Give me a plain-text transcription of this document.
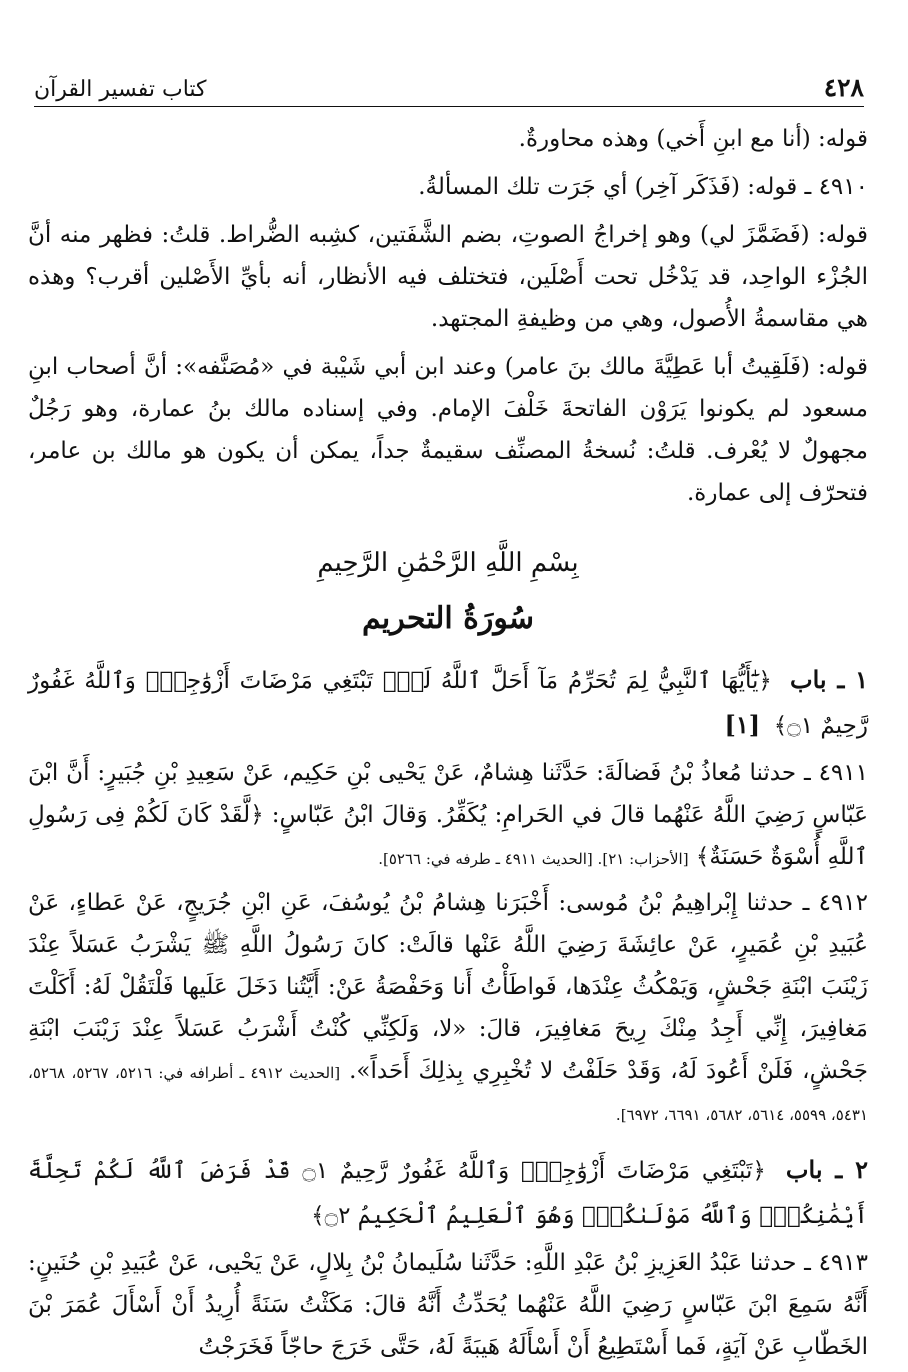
٤٢٨
كتاب تفسير القرآن

قوله: (أنا مع ابنِ أَخي) وهذه محاورةٌ.

٤٩١٠ ـ قوله: (فَذَكَر آخِر) أي جَرَت تلك المسألةُ.

قوله: (فَضَمَّزَ لي) وهو إخراجُ الصوتِ، بضم الشَّفَتين، كشِبه الضُّراط. قلتُ: فظهر منه أنَّ الجُزْء الواحِد، قد يَدْخُل تحت أَصْلَين، فتختلف فيه الأنظار، أنه بأيِّ الأَصْلين أقرب؟ وهذه هي مقاسمةُ الأُصول، وهي من وظيفةِ المجتهد.

قوله: (فَلَقِيتُ أبا عَطِيَّةَ مالك بنَ عامر) وعند ابن أبي شَيْبة في «مُصَنَّفه»: أنَّ أصحاب ابنِ مسعود لم يكونوا يَرَوْن الفاتحةَ خَلْفَ الإمام. وفي إسناده مالك بنُ عمارة، وهو رَجُلٌ مجهولٌ لا يُعْرف. قلتُ: نُسخةُ المصنِّف سقيمةٌ جداً، يمكن أن يكون هو مالك بن عامر، فتحرّف إلى عمارة.

بِسْمِ اللَّهِ الرَّحْمَٰنِ الرَّحِيمِ
سُورَةُ التحريم

١ ـ باب ﴿يَٰٓأَيُّهَا ٱلنَّبِيُّ لِمَ تُحَرِّمُ مَآ أَحَلَّ ٱللَّهُ لَكَۖ تَبْتَغِي مَرْضَاتَ أَزْوَٰجِكَۚ وَٱللَّهُ غَفُورٌ رَّحِيمٌ ۝١﴾ [١]

٤٩١١ ـ حدثنا مُعاذُ بْنُ فَضالَةَ: حَدَّثَنا هِشامٌ، عَنْ يَحْيى بْنِ حَكِيم، عَنْ سَعِيدِ بْنِ جُبَيرٍ: أَنَّ ابْنَ عَبّاسٍ رَضِيَ اللَّهُ عَنْهُما قالَ في الحَرامِ: يُكَفِّرُ. وَقالَ ابْنُ عَبّاسٍ: ﴿لَّقَدْ كَانَ لَكُمْ فِى رَسُولِ ٱللَّهِ أُسْوَةٌ حَسَنَةٌ﴾ [الأحزاب: ٢١]. [الحديث ٤٩١١ ـ طرفه في: ٥٢٦٦].

٤٩١٢ ـ حدثنا إِبْراهِيمُ بْنُ مُوسى: أَخْبَرَنا هِشامُ بْنُ يُوسُفَ، عَنِ ابْنِ جُرَيجٍ، عَنْ عَطاءٍ، عَنْ عُبَيدِ بْنِ عُمَيرٍ، عَنْ عائِشَةَ رَضِيَ اللَّهُ عَنْها قالَتْ: كانَ رَسُولُ اللَّهِ ﷺ يَشْرَبُ عَسَلاً عِنْدَ زَيْنَبَ ابْنَةِ جَحْشٍ، وَيَمْكُثُ عِنْدَها، فَواطَأْتُ أَنا وَحَفْصَةُ عَنْ: أَيَّتُنا دَخَلَ عَلَيها فَلْتَقُلْ لَهُ: أَكَلْتَ مَغافِيرَ، إِنِّي أَجِدُ مِنْكَ رِيحَ مَغافِيرَ، قالَ: «لا، وَلَكِنِّي كُنْتُ أَشْرَبُ عَسَلاً عِنْدَ زَيْنَبَ ابْنَةِ جَحْشٍ، فَلَنْ أَعُودَ لَهُ، وَقَدْ حَلَفْتُ لا تُخْبِرِي بِذلِكَ أَحَداً». [الحديث ٤٩١٢ ـ أطرافه في: ٥٢١٦، ٥٢٦٧، ٥٢٦٨، ٥٤٣١، ٥٥٩٩، ٥٦١٤، ٥٦٨٢، ٦٦٩١، ٦٩٧٢].

٢ ـ باب ﴿تَبْتَغِي مَرْضَاتَ أَزْوَٰجِكَۚ وَٱللَّهُ غَفُورٌ رَّحِيمٌ ۝١ قَدْ فَرَضَ ٱللَّهُ لَكُمْ تَحِلَّةَ أَيْمَٰنِكُمْۚ وَٱللَّهُ مَوْلَىٰكُمْۖ وَهُوَ ٱلْعَلِيمُ ٱلْحَكِيمُ ۝٢﴾

٤٩١٣ ـ حدثنا عَبْدُ العَزِيزِ بْنُ عَبْدِ اللَّهِ: حَدَّثَنا سُلَيمانُ بْنُ بِلالٍ، عَنْ يَحْيى، عَنْ عُبَيدِ بْنِ حُنَينٍ: أَنَّهُ سَمِعَ ابْنَ عَبّاسٍ رَضِيَ اللَّهُ عَنْهُما يُحَدِّثُ أَنَّهُ قالَ: مَكَثْتُ سَنَةً أُرِيدُ أَنْ أَسْأَلَ عُمَرَ بْنَ الخَطّابِ عَنْ آيَةٍ، فَما أَسْتَطِيعُ أَنْ أَسْأَلَهُ هَيبَةً لَهُ، حَتَّى خَرَجَ حاجّاً فَخَرَجْتُ
